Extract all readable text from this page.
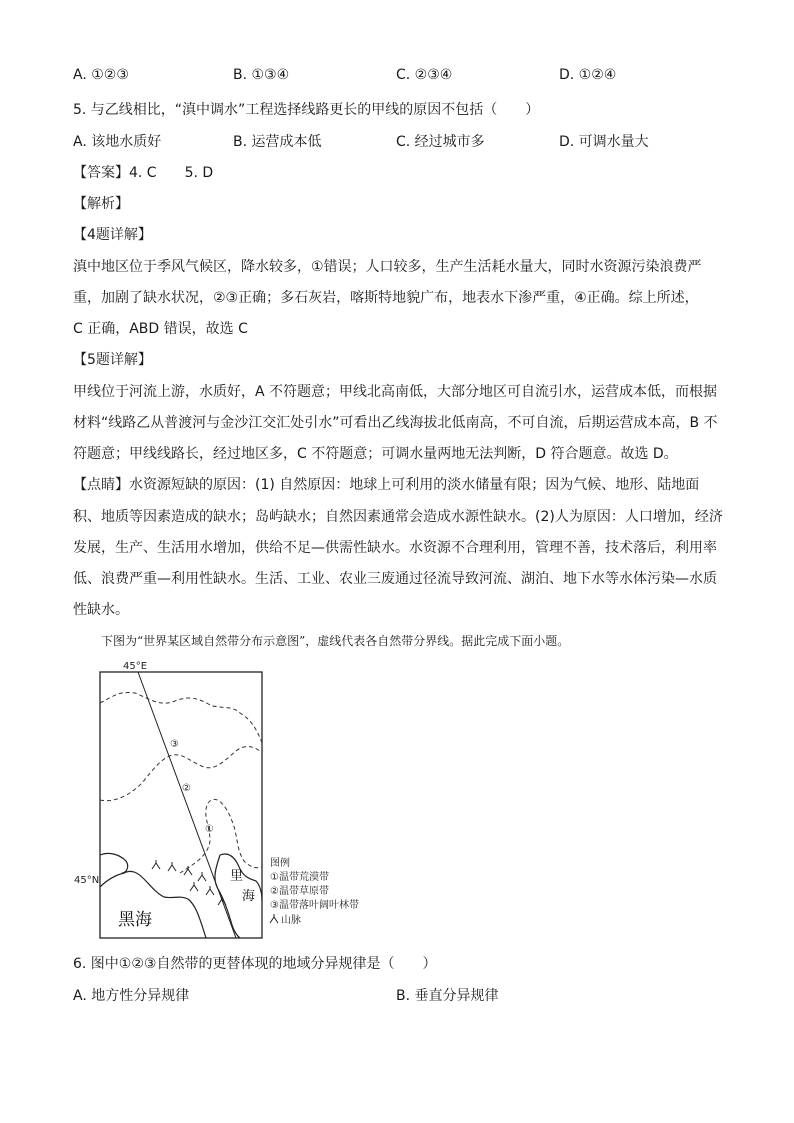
A. ①②③	B. ①③④	C. ②③④	D. ①②④
5. 与乙线相比，“滇中调水”工程选择线路更长的甲线的原因不包括（　　）
A. 该地水质好	B. 运营成本低	C. 经过城市多	D. 可调水量大
【答案】4. C　　5. D
【解析】
【4题详解】
滇中地区位于季风气候区，降水较多，①错误；人口较多，生产生活耗水量大，同时水资源污染浪费严
重，加剧了缺水状况，②③正确；多石灰岩，喀斯特地貌广布，地表水下渗严重，④正确。综上所述，
C 正确，ABD 错误，故选 C
【5题详解】
甲线位于河流上游，水质好，A 不符题意；甲线北高南低，大部分地区可自流引水，运营成本低，而根据
材料“线路乙从普渡河与金沙江交汇处引水”可看出乙线海拔北低南高，不可自流，后期运营成本高，B 不
符题意；甲线线路长，经过地区多，C 不符题意；可调水量两地无法判断，D 符合题意。故选 D。
【点睛】水资源短缺的原因：(1) 自然原因：地球上可利用的淡水储量有限；因为气候、地形、陆地面
积、地质等因素造成的缺水；岛屿缺水；自然因素通常会造成水源性缺水。(2)人为原因：人口增加，经济
发展，生产、生活用水增加，供给不足—供需性缺水。水资源不合理利用，管理不善，技术落后，利用率
低、浪费严重—利用性缺水。生活、工业、农业三废通过径流导致河流、湖泊、地下水等水体污染—水质
性缺水。
下图为“世界某区域自然带分布示意图”，虚线代表各自然带分界线。据此完成下面小题。
45°E
45°N
③
②
①
黑海
里
海
图例
①温带荒漠带
②温带草原带
③温带落叶阔叶林带
山脉
6. 图中①②③自然带的更替体现的地域分异规律是（　　）
A. 地方性分异规律	B. 垂直分异规律
